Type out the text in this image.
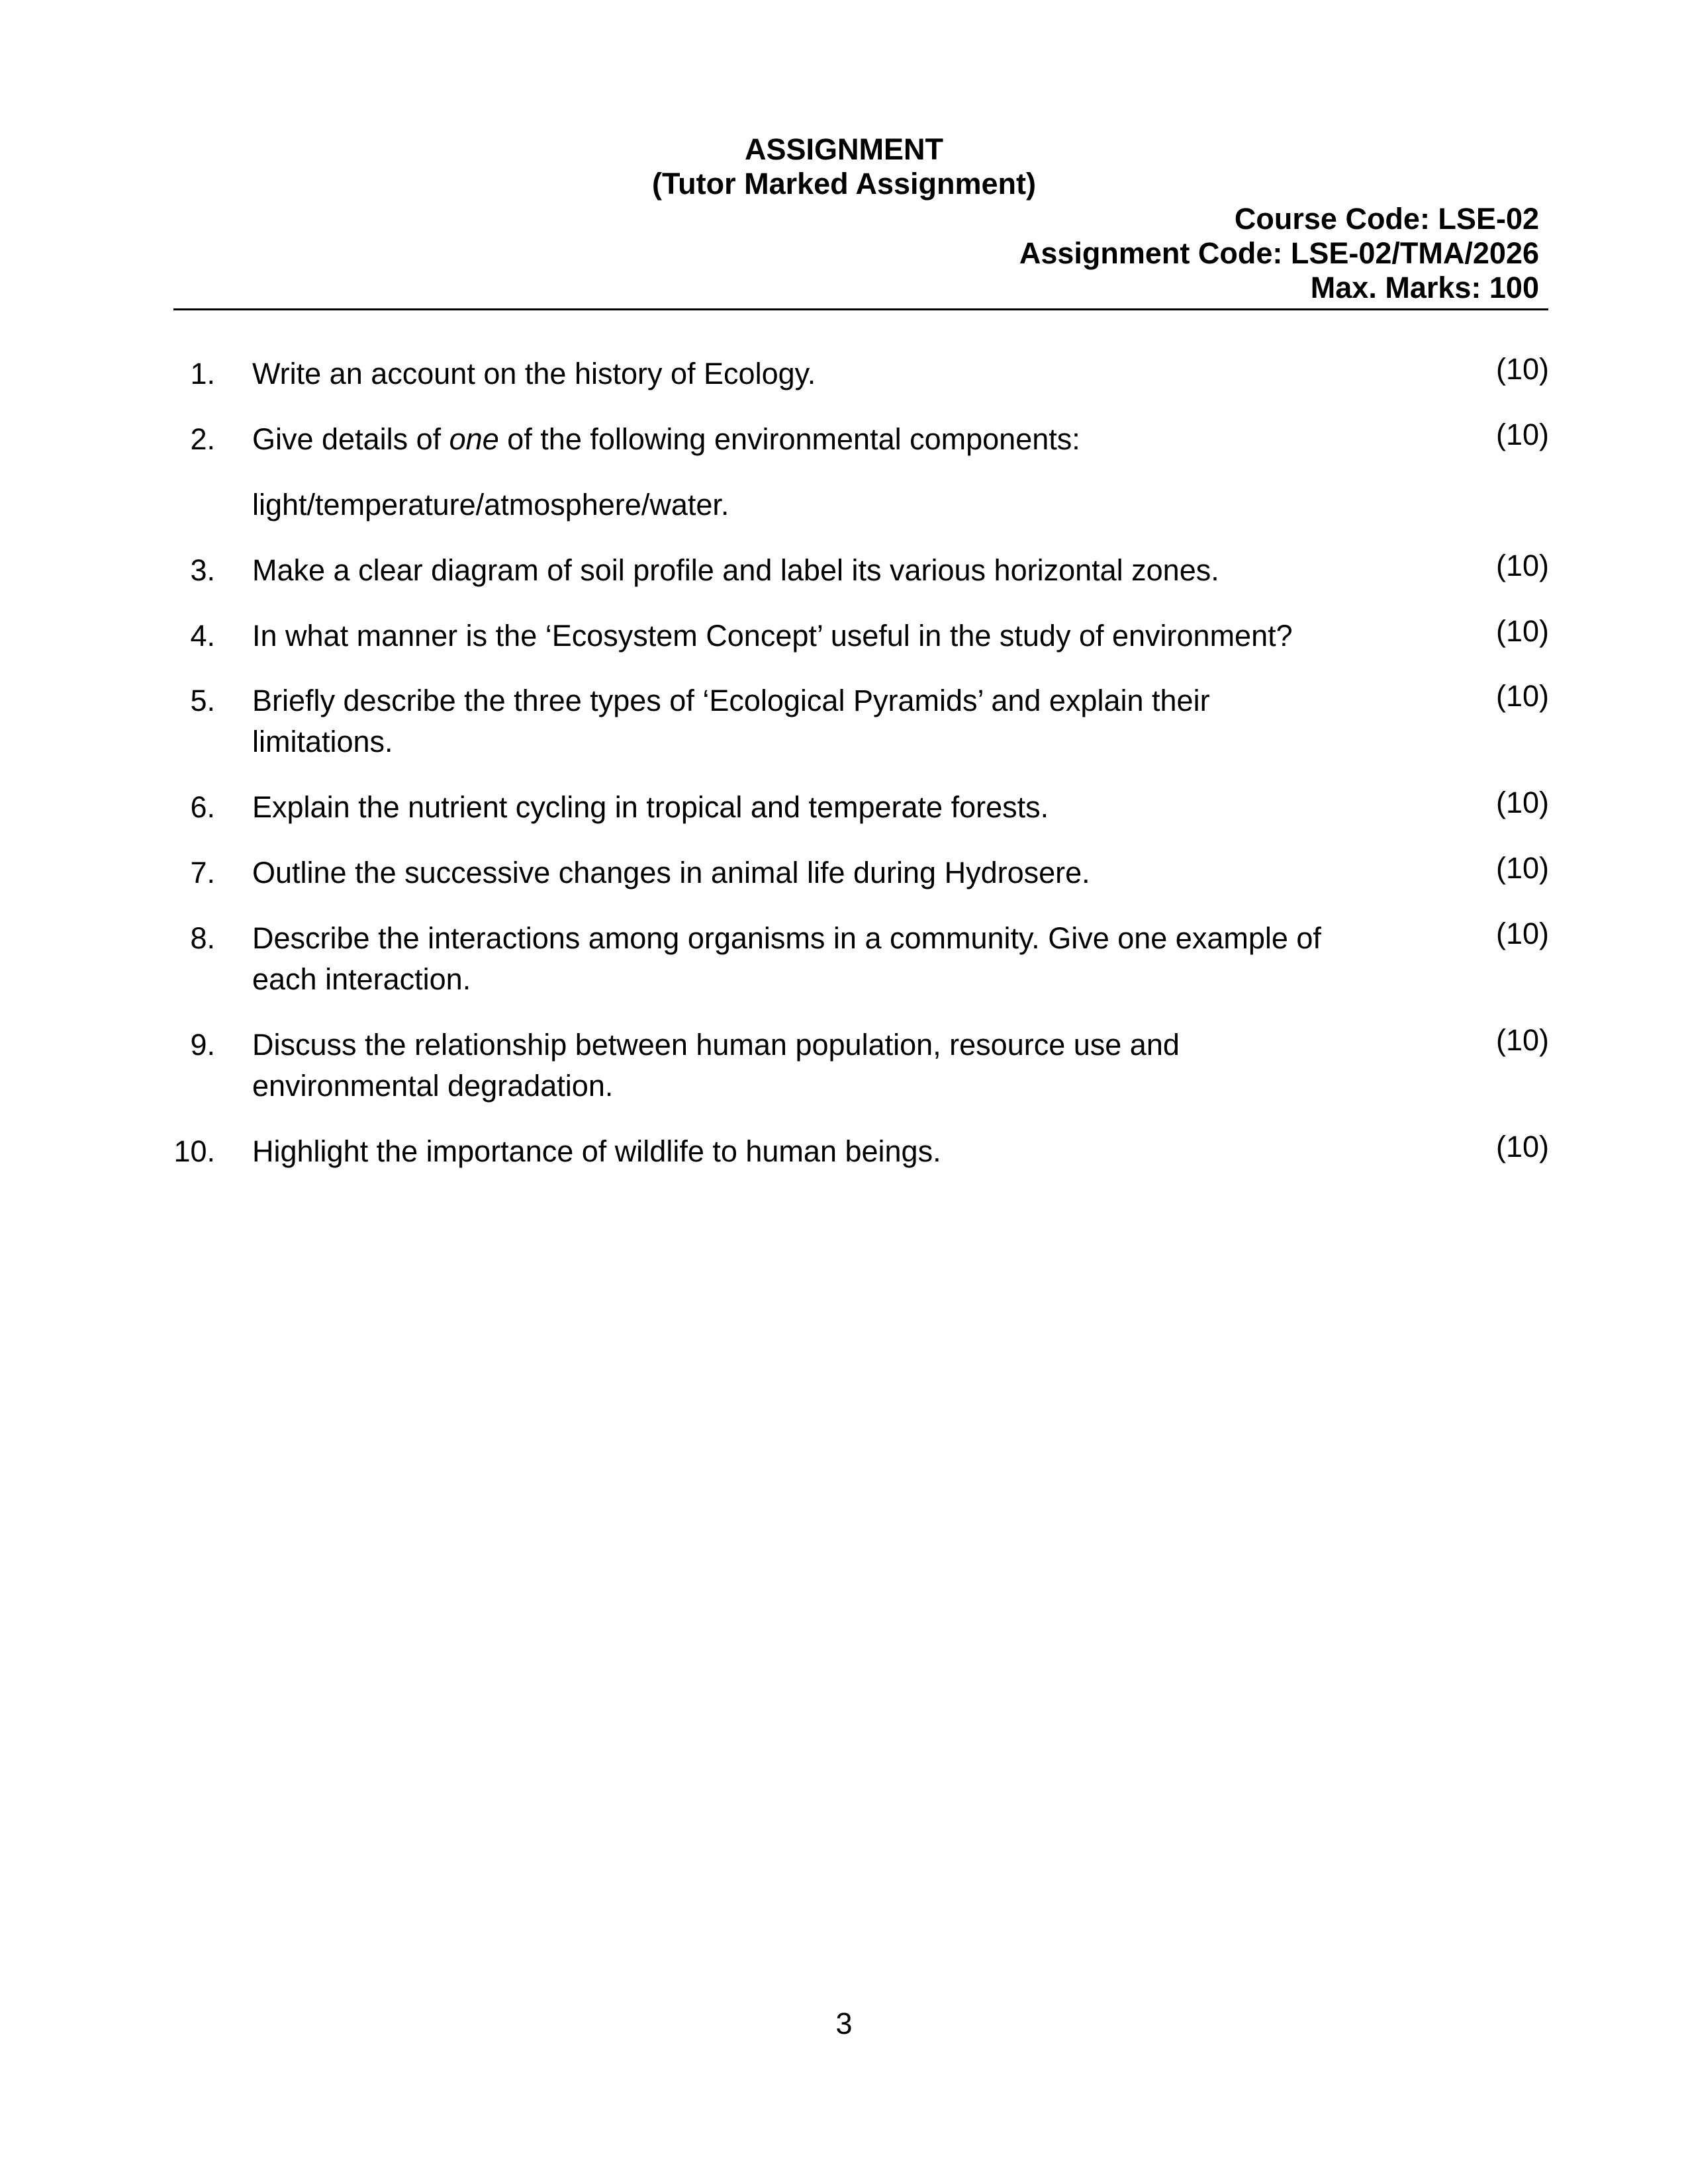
ASSIGNMENT
(Tutor Marked Assignment)
Course Code: LSE-02
Assignment Code: LSE-02/TMA/2026
Max. Marks: 100
1. Write an account on the history of Ecology.	(10)
2. Give details of one of the following environmental components:	(10)
light/temperature/atmosphere/water.
3. Make a clear diagram of soil profile and label its various horizontal zones.	(10)
4. In what manner is the ‘Ecosystem Concept’ useful in the study of environment?	(10)
5. Briefly describe the three types of ‘Ecological Pyramids’ and explain their
limitations.
(10)
6. Explain the nutrient cycling in tropical and temperate forests.	(10)
7. Outline the successive changes in animal life during Hydrosere.	(10)
8. Describe the interactions among organisms in a community. Give one example of
each interaction.
(10)
9. Discuss the relationship between human population, resource use and
environmental degradation.
(10)
10. Highlight the importance of wildlife to human beings.	(10)
3
